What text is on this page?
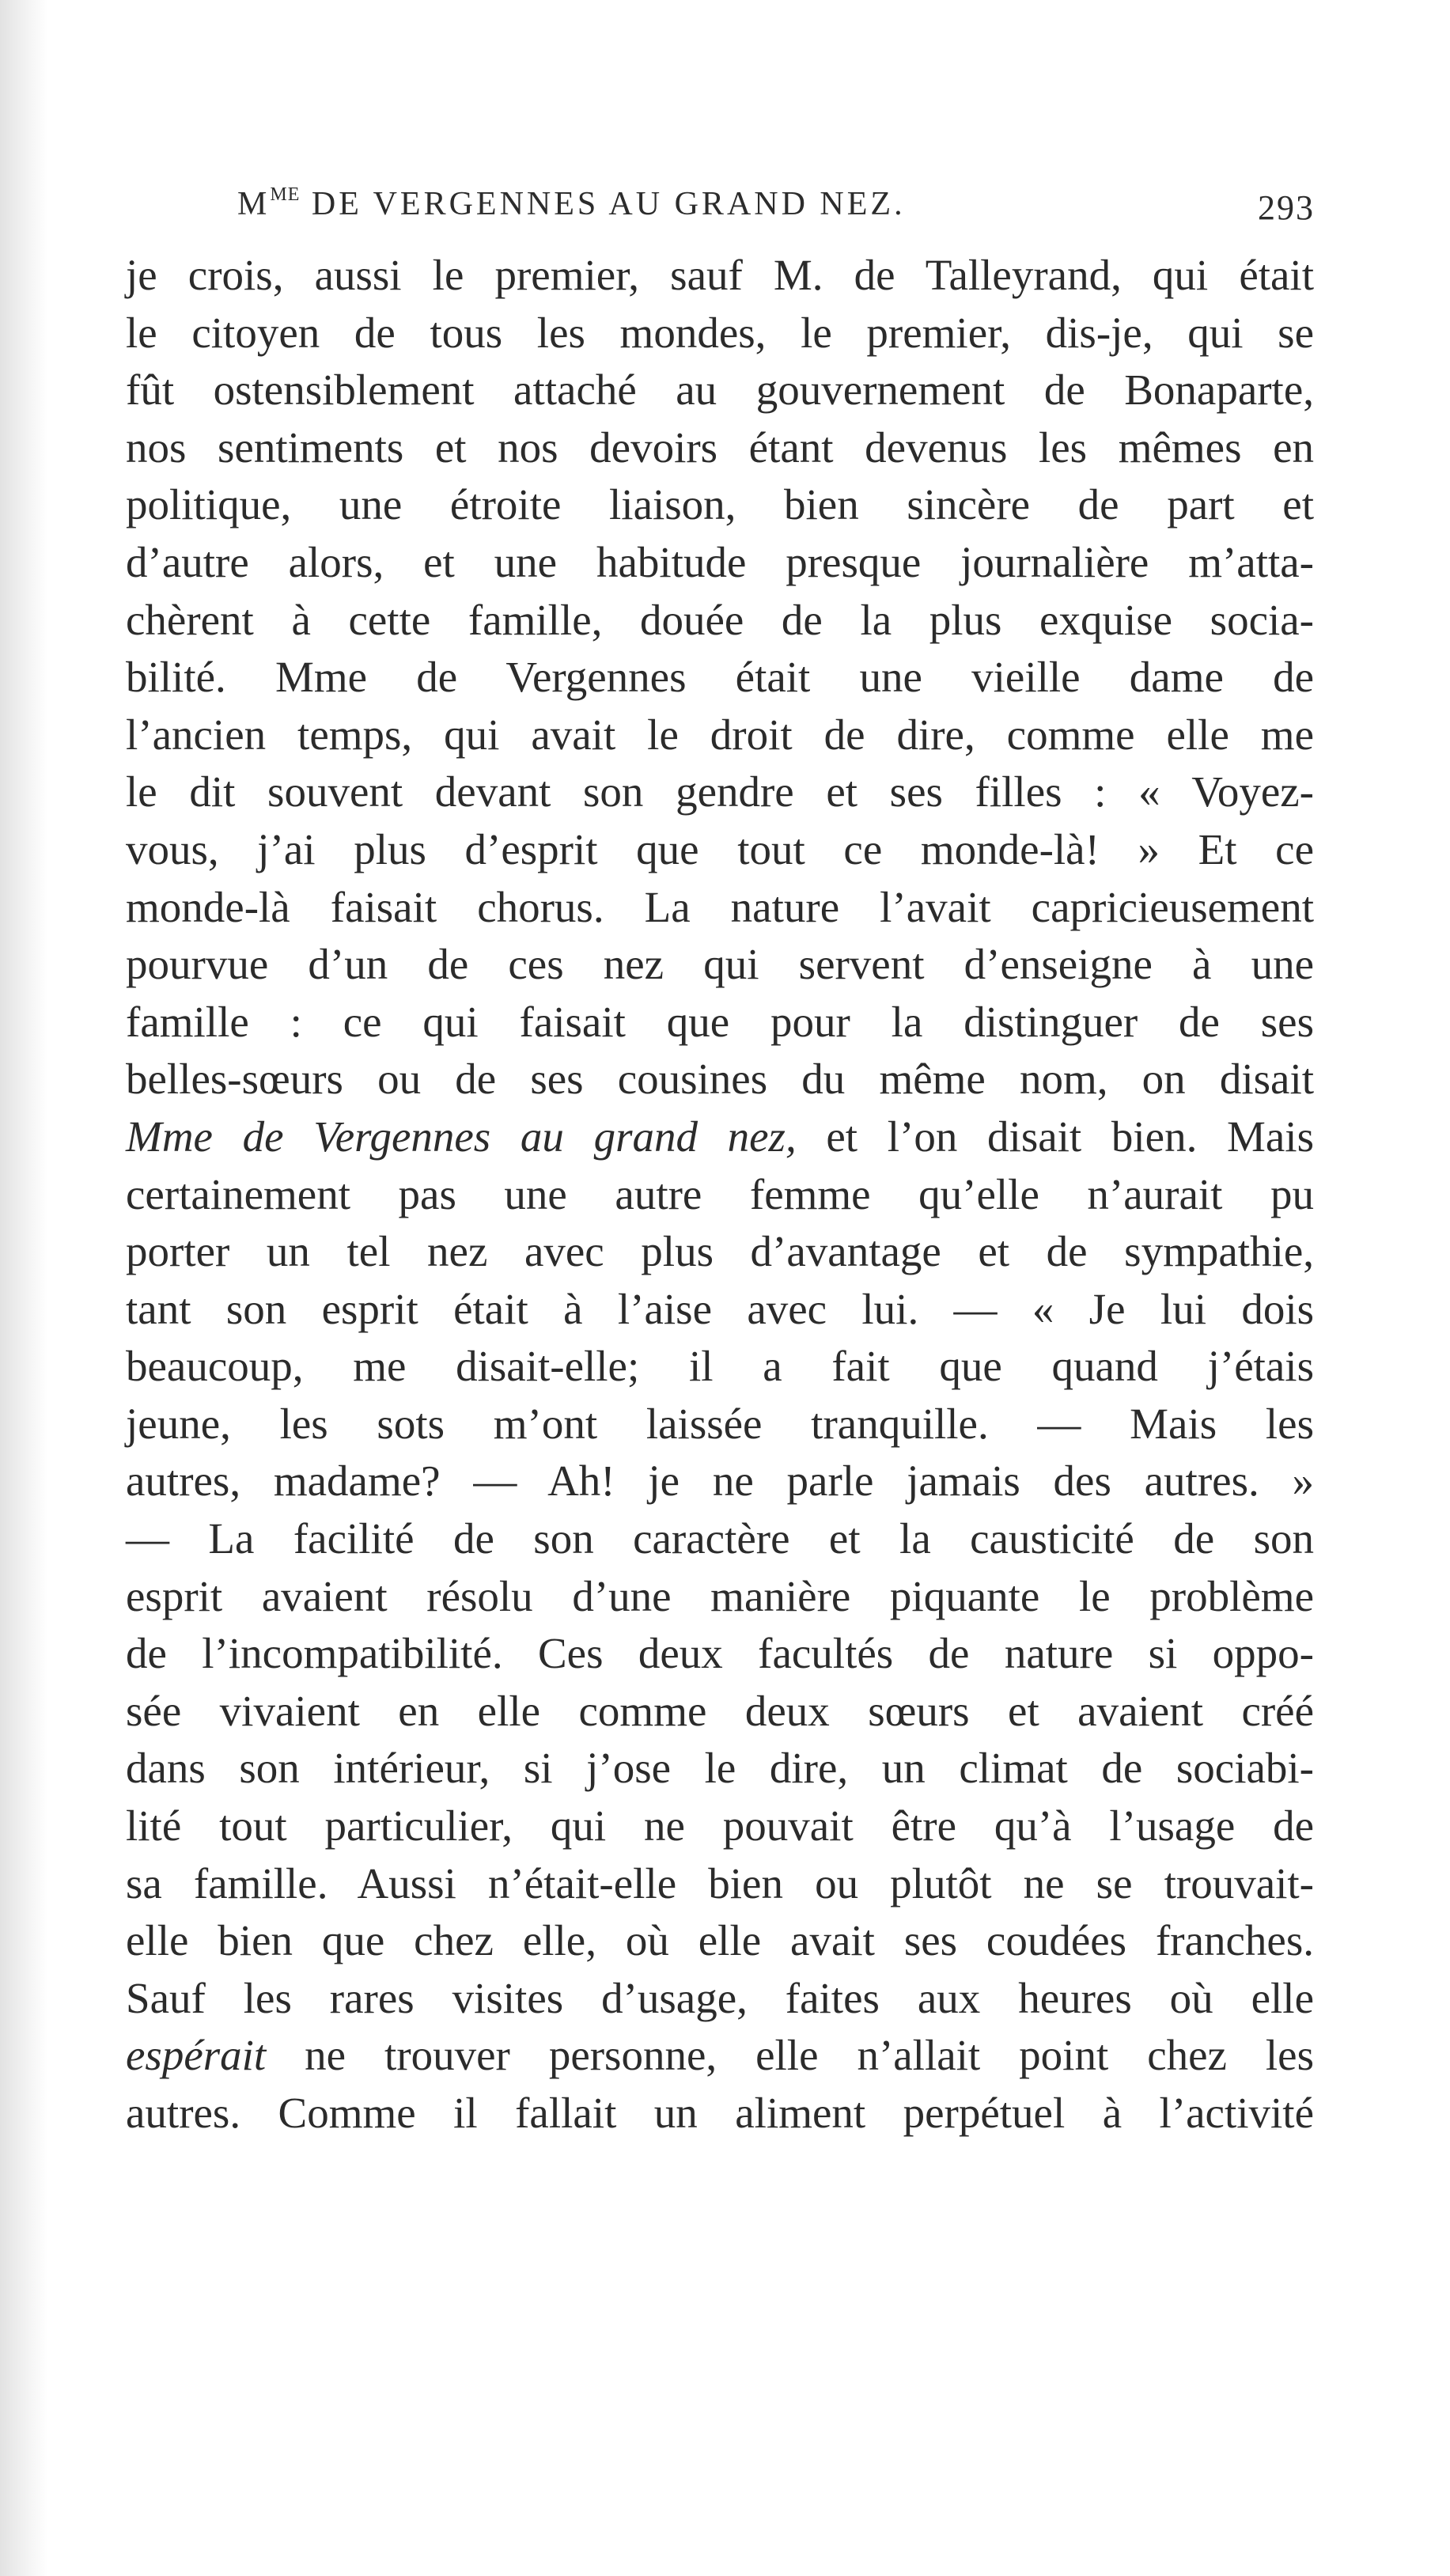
$M^{ME}$ DE VERGENNES AU GRAND NEZ.	293
je crois, aussi le premier, sauf M. de Talleyrand, qui était
le citoyen de tous les mondes, le premier, dis-je, qui se
fût ostensiblement attaché au gouvernement de Bonaparte,
nos sentiments et nos devoirs étant devenus les mêmes en
politique, une étroite liaison, bien sincère de part et
d’autre alors, et une habitude presque journalière m’atta-
chèrent à cette famille, douée de la plus exquise socia-
bilité. Mme de Vergennes était une vieille dame de
l’ancien temps, qui avait le droit de dire, comme elle me
le dit souvent devant son gendre et ses filles : « Voyez-
vous, j’ai plus d’esprit que tout ce monde-là! » Et ce
monde-là faisait chorus. La nature l’avait capricieusement
pourvue d’un de ces nez qui servent d’enseigne à une
famille : ce qui faisait que pour la distinguer de ses
belles-sœurs ou de ses cousines du même nom, on disait
Mme de Vergennes au grand nez, et l’on disait bien. Mais
certainement pas une autre femme qu’elle n’aurait pu
porter un tel nez avec plus d’avantage et de sympathie,
tant son esprit était à l’aise avec lui. — « Je lui dois
beaucoup, me disait-elle; il a fait que quand j’étais
jeune, les sots m’ont laissée tranquille. — Mais les
autres, madame? — Ah! je ne parle jamais des autres. »
— La facilité de son caractère et la causticité de son
esprit avaient résolu d’une manière piquante le problème
de l’incompatibilité. Ces deux facultés de nature si oppo-
sée vivaient en elle comme deux sœurs et avaient créé
dans son intérieur, si j’ose le dire, un climat de sociabi-
lité tout particulier, qui ne pouvait être qu’à l’usage de
sa famille. Aussi n’était-elle bien ou plutôt ne se trouvait-
elle bien que chez elle, où elle avait ses coudées franches.
Sauf les rares visites d’usage, faites aux heures où elle
espérait ne trouver personne, elle n’allait point chez les
autres. Comme il fallait un aliment perpétuel à l’activité
